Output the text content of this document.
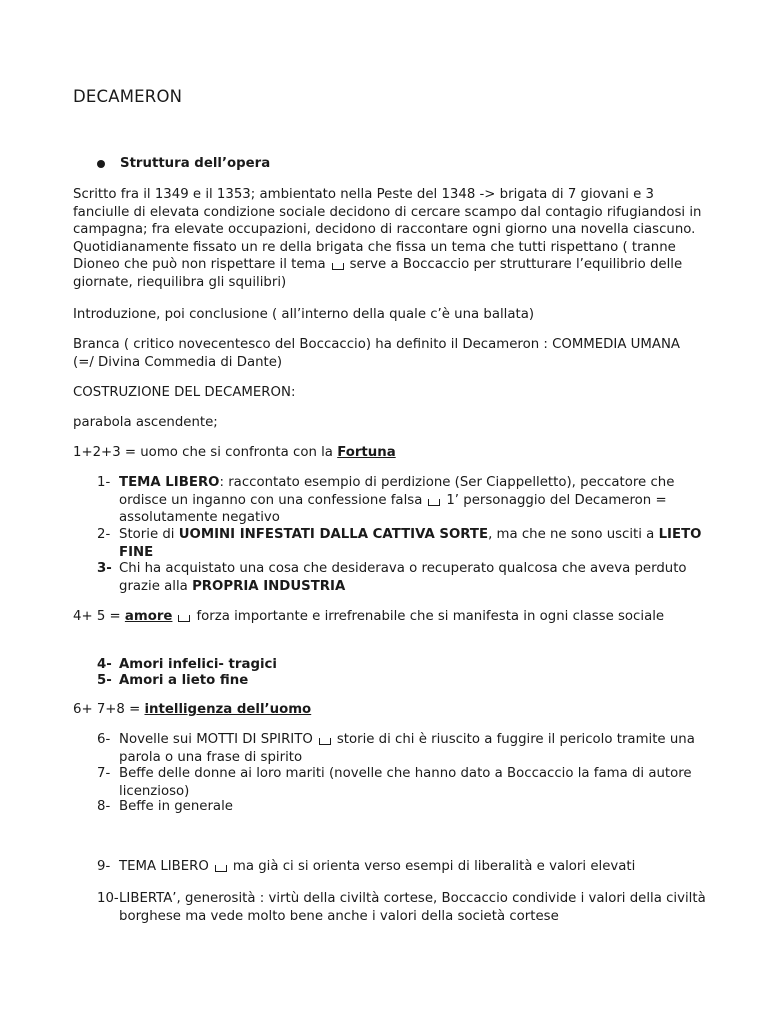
DECAMERON
Struttura dell’opera

Scritto fra il 1349 e il 1353; ambientato nella Peste del 1348 -> brigata di 7 giovani e 3 fanciulle di elevata condizione sociale decidono di cercare scampo dal contagio rifugiandosi in campagna; fra elevate occupazioni, decidono di raccontare ogni giorno una novella ciascuno. Quotidianamente fissato un re della brigata che fissa un tema che tutti rispettano ( tranne Dioneo che può non rispettare il tema serve a Boccaccio per strutturare l’equilibrio delle giornate, riequilibra gli squilibri)

Introduzione, poi conclusione ( all’interno della quale c’è una ballata)

Branca ( critico novecentesco del Boccaccio) ha definito il Decameron : COMMEDIA UMANA (=/ Divina Commedia di Dante)

COSTRUZIONE DEL DECAMERON:

parabola ascendente;

1+2+3 = uomo che si confronta con la Fortuna

1- TEMA LIBERO: raccontato esempio di perdizione (Ser Ciappelletto), peccatore che ordisce un inganno con una confessione falsa 1’ personaggio del Decameron = assolutamente negativo
2- Storie di UOMINI INFESTATI DALLA CATTIVA SORTE, ma che ne sono usciti a LIETO FINE
3- Chi ha acquistato una cosa che desiderava o recuperato qualcosa che aveva perduto grazie alla PROPRIA INDUSTRIA

4+ 5 = amore forza importante e irrefrenabile che si manifesta in ogni classe sociale

4- Amori infelici- tragici
5- Amori a lieto fine

6+ 7+8 = intelligenza dell’uomo

6- Novelle sui MOTTI DI SPIRITO storie di chi è riuscito a fuggire il pericolo tramite una parola o una frase di spirito
7- Beffe delle donne ai loro mariti (novelle che hanno dato a Boccaccio la fama di autore licenzioso)
8- Beffe in generale
9- TEMA LIBERO ma già ci si orienta verso esempi di liberalità e valori elevati
10- LIBERTA’, generosità : virtù della civiltà cortese, Boccaccio condivide i valori della civiltà borghese ma vede molto bene anche i valori della società cortese
